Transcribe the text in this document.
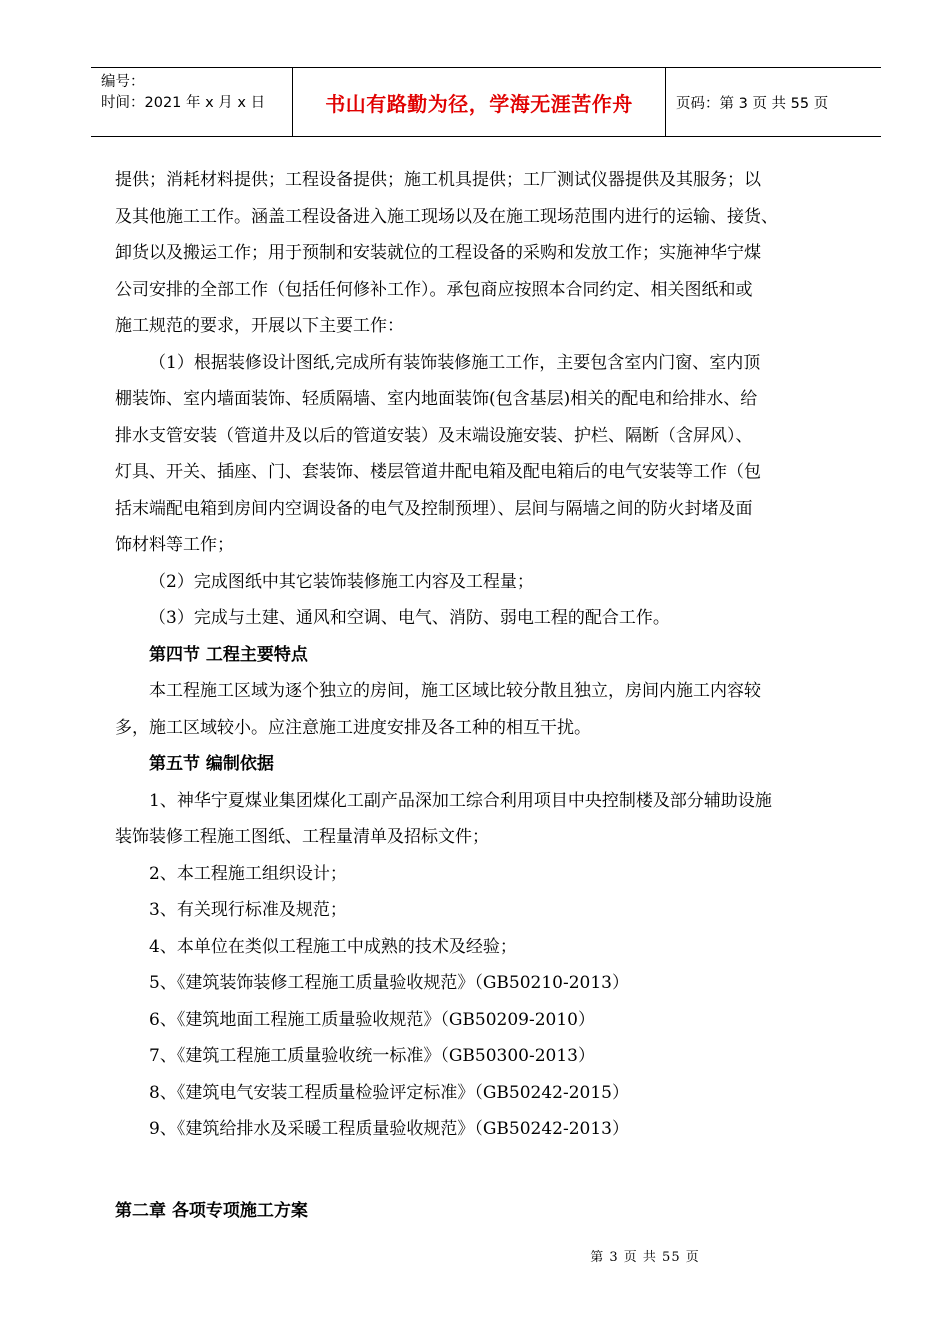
编号：
时间：2021 年 x 月 x 日	书山有路勤为径，学海无涯苦作舟	页码：第 3 页 共 55 页
提供；消耗材料提供；工程设备提供；施工机具提供；工厂测试仪器提供及其服务；以
及其他施工工作。涵盖工程设备进入施工现场以及在施工现场范围内进行的运输、接货、
卸货以及搬运工作；用于预制和安装就位的工程设备的采购和发放工作；实施神华宁煤
公司安排的全部工作（包括任何修补工作）。承包商应按照本合同约定、相关图纸和或
施工规范的要求，开展以下主要工作：
（1）根据装修设计图纸,完成所有装饰装修施工工作，主要包含室内门窗、室内顶
棚装饰、室内墙面装饰、轻质隔墙、室内地面装饰(包含基层)相关的配电和给排水、给
排水支管安装（管道井及以后的管道安装）及末端设施安装、护栏、隔断（含屏风）、
灯具、开关、插座、门、套装饰、楼层管道井配电箱及配电箱后的电气安装等工作（包
括末端配电箱到房间内空调设备的电气及控制预埋）、层间与隔墙之间的防火封堵及面
饰材料等工作；
（2）完成图纸中其它装饰装修施工内容及工程量；
（3）完成与土建、通风和空调、电气、消防、弱电工程的配合工作。
第四节 工程主要特点
本工程施工区域为逐个独立的房间，施工区域比较分散且独立，房间内施工内容较
多，施工区域较小。应注意施工进度安排及各工种的相互干扰。
第五节 编制依据
1、神华宁夏煤业集团煤化工副产品深加工综合利用项目中央控制楼及部分辅助设施
装饰装修工程施工图纸、工程量清单及招标文件；
2、本工程施工组织设计；
3、有关现行标准及规范；
4、本单位在类似工程施工中成熟的技术及经验；
5、《建筑装饰装修工程施工质量验收规范》（GB50210-2013）
6、《建筑地面工程施工质量验收规范》（GB50209-2010）
7、《建筑工程施工质量验收统一标准》（GB50300-2013）
8、《建筑电气安装工程质量检验评定标准》（GB50242-2015）
9、《建筑给排水及采暖工程质量验收规范》（GB50242-2013）
第二章 各项专项施工方案
第 3 页 共 55 页
